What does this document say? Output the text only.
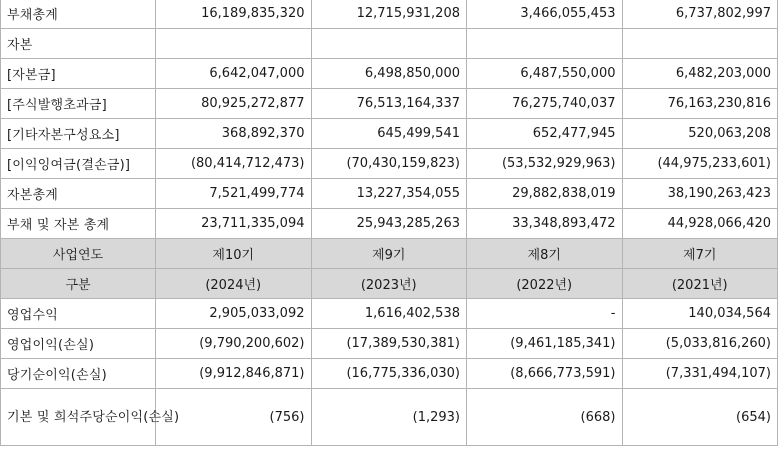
부채총계	16,189,835,320	12,715,931,208	3,466,055,453	6,737,802,997
자본				
[자본금]	6,642,047,000	6,498,850,000	6,487,550,000	6,482,203,000
[주식발행초과금]	80,925,272,877	76,513,164,337	76,275,740,037	76,163,230,816
[기타자본구성요소]	368,892,370	645,499,541	652,477,945	520,063,208
[이익잉여금(결손금)]	(80,414,712,473)	(70,430,159,823)	(53,532,929,963)	(44,975,233,601)
자본총계	7,521,499,774	13,227,354,055	29,882,838,019	38,190,263,423
부채 및 자본 총계	23,711,335,094	25,943,285,263	33,348,893,472	44,928,066,420
사업연도	제10기	제9기	제8기	제7기
구분	(2024년)	(2023년)	(2022년)	(2021년)
영업수익	2,905,033,092	1,616,402,538	-	140,034,564
영업이익(손실)	(9,790,200,602)	(17,389,530,381)	(9,461,185,341)	(5,033,816,260)
당기순이익(손실)	(9,912,846,871)	(16,775,336,030)	(8,666,773,591)	(7,331,494,107)
기본 및 희석주당순이익(손실)	(756)	(1,293)	(668)	(654)
